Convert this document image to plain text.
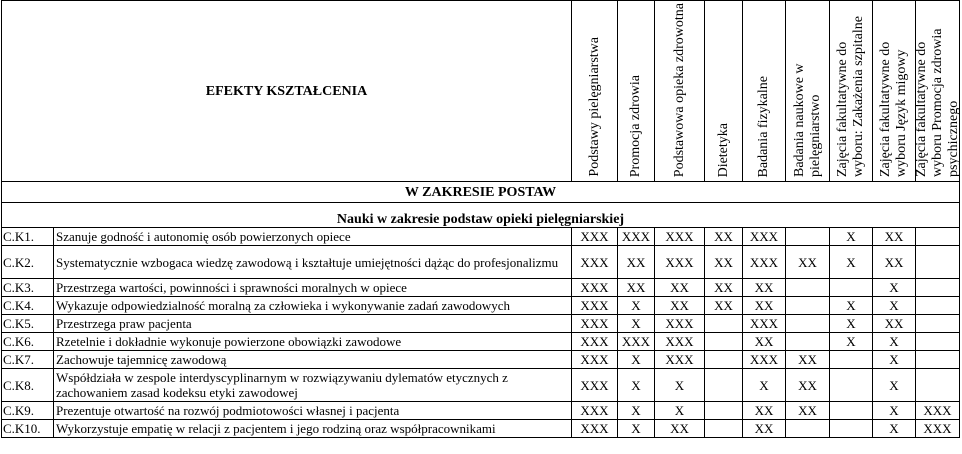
EFEKTY KSZTAŁCENIA		Podstawy pielęgniarstwa	Promocja zdrowia	Podstawowa opieka zdrowotna	Dietetyka	Badania fizykalne	Badania naukowe w pielęgniarstwo	Zajęcia fakultatywne do wyboru: Zakażenia szpitalne	Zajęcia fakultatywne do wyboru Język migowy	Zajęcia fakultatywne do wyboru Promocja zdrowia psychicznego

W ZAKRESIE POSTAW										
Nauki w zakresie podstaw opieki pielęgniarskiej										
C.K1.	Szanuje godność i autonomię osób powierzonych opiece	XXX	XXX	XXX	XX	XXX		X	XX	
C.K2.	Systematycznie wzbogaca wiedzę zawodową i kształtuje umiejętności dążąc do profesjonalizmu	XXX	XX	XXX	XX	XXX	XX	X	XX	
C.K3.	Przestrzega wartości, powinności i sprawności moralnych w opiece	XXX	XX	XX	XX	XX			X	
C.K4.	Wykazuje odpowiedzialność moralną za człowieka i wykonywanie zadań zawodowych	XXX	X	XX	XX	XX		X	X	
C.K5.	Przestrzega praw pacjenta	XXX	X	XXX		XXX		X	XX	
C.K6.	Rzetelnie i dokładnie wykonuje powierzone obowiązki zawodowe	XXX	XXX	XXX		XX		X	X	
C.K7.	Zachowuje tajemnicę zawodową	XXX	X	XXX		XXX	XX		X	
C.K8.	Współdziała w zespole interdyscyplinarnym w rozwiązywaniu dylematów etycznych z zachowaniem zasad kodeksu etyki zawodowej	XXX	X	X		X	XX		X	
C.K9.	Prezentuje otwartość na rozwój podmiotowości własnej i pacjenta	XXX	X	X		XX	XX		X	XXX
C.K10.	Wykorzystuje empatię w relacji z pacjentem i jego rodziną oraz współpracownikami	XXX	X	XX		XX			X	XXX
